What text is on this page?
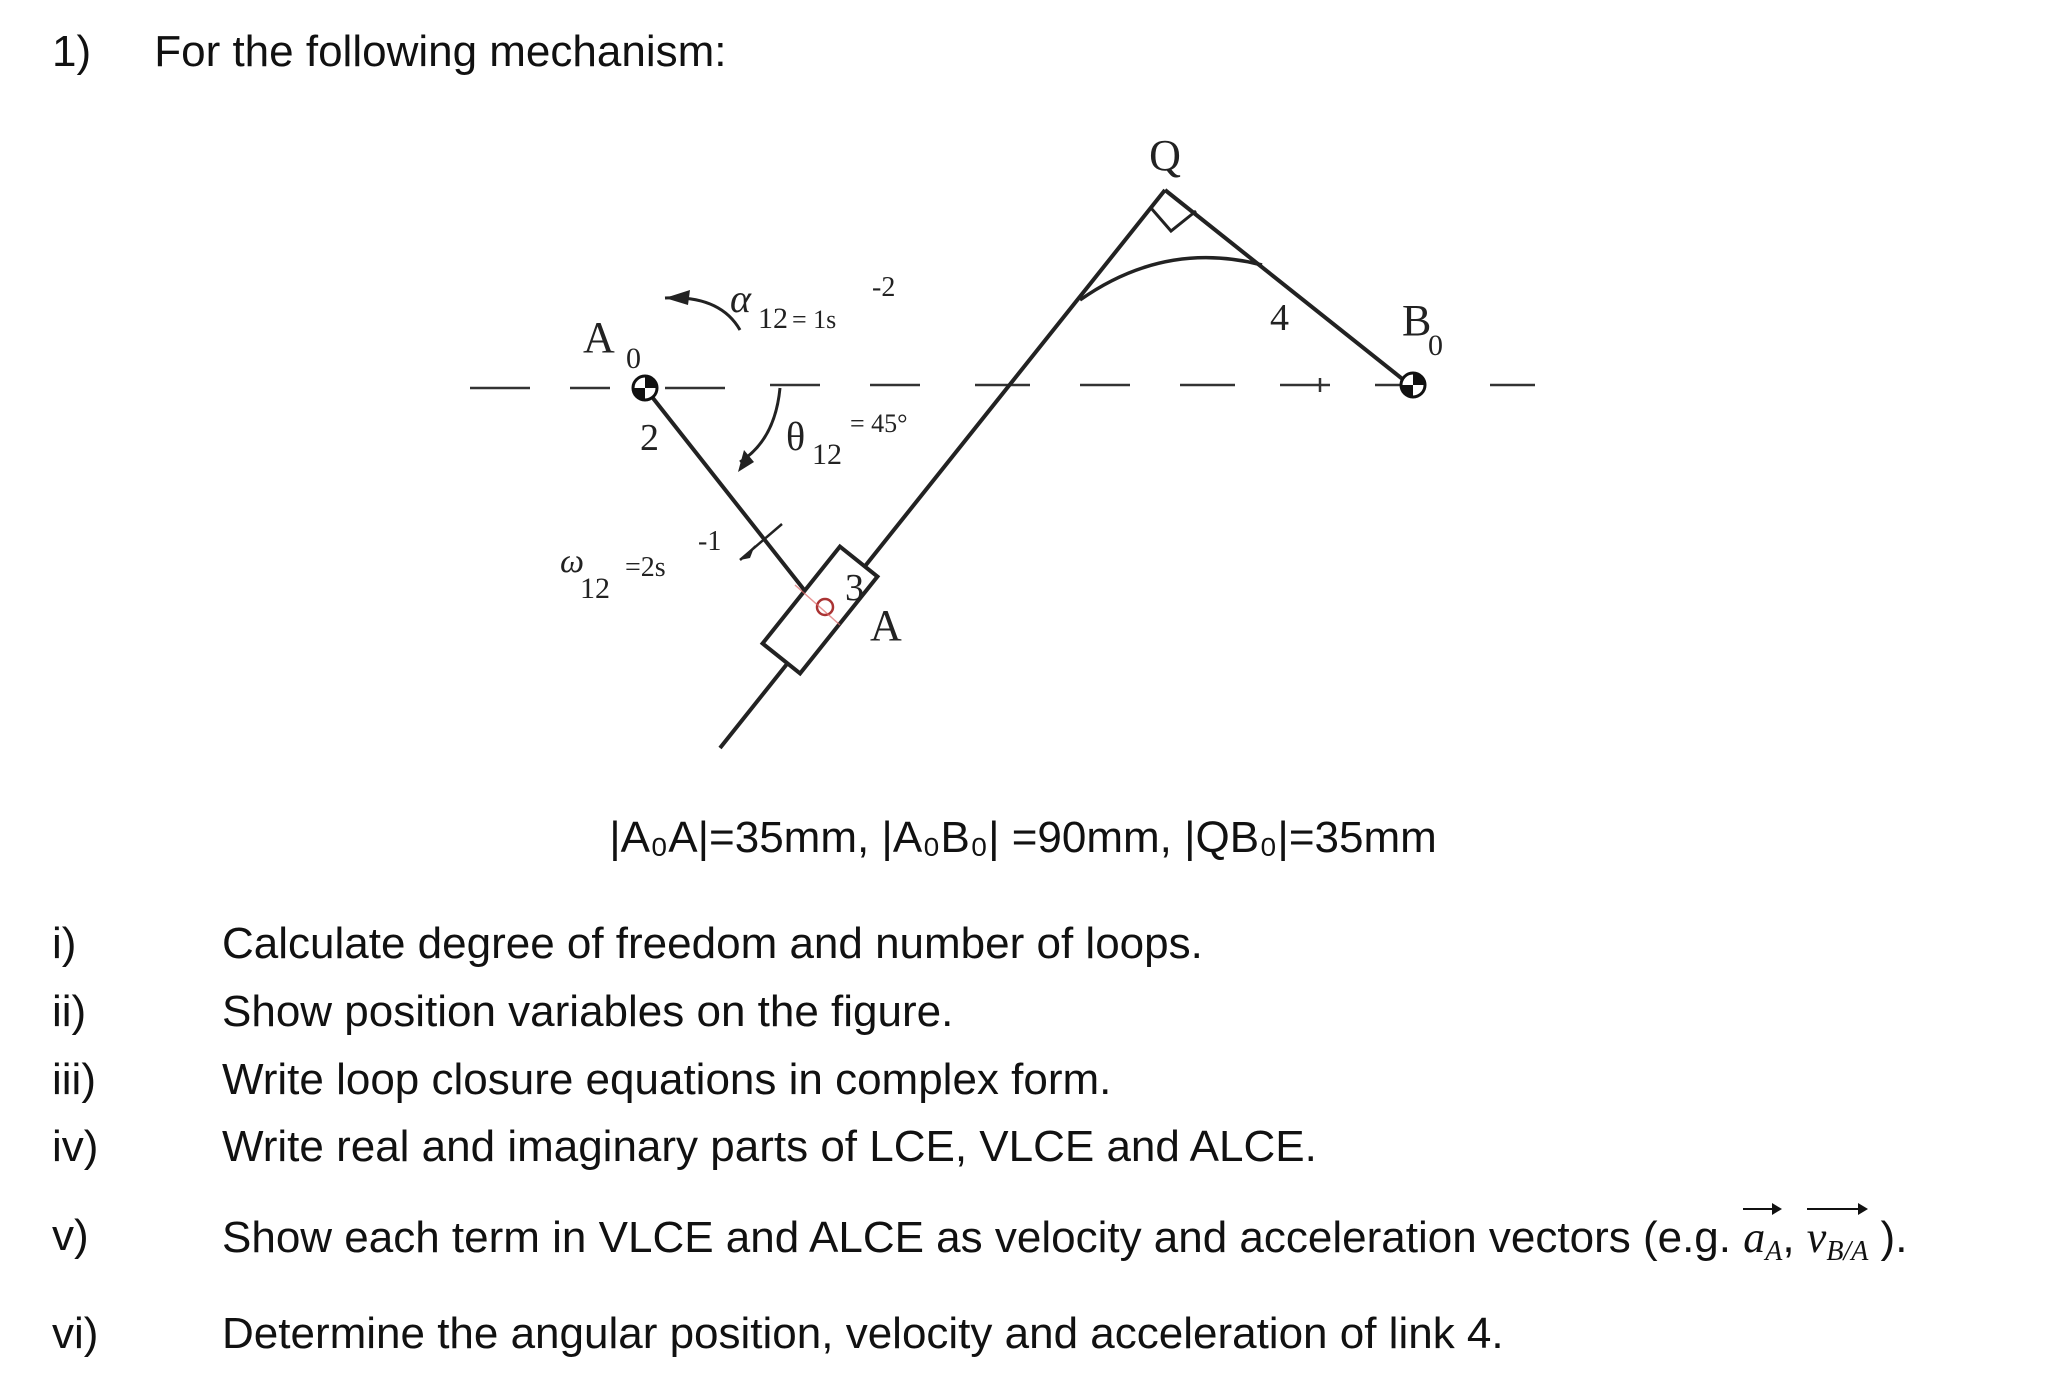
1) For the following mechanism:
Q
A 0
B
0
A
2
3
4
α 12 = 1s
-2
θ 12
= 45°
ω
12
=2s
-1
|A₀A|=35mm, |A₀B₀| =90mm, |QB₀|=35mm
i)	Calculate degree of freedom and number of loops.
ii)	Show position variables on the figure.
iii)	Write loop closure equations in complex form.
iv)	Write real and imaginary parts of LCE, VLCE and ALCE.
v)	Show each term in VLCE and ALCE as velocity and acceleration vectors (e.g. $a_A$, $v_{B/A}$ ).
vi)	Determine the angular position, velocity and acceleration of link 4.
